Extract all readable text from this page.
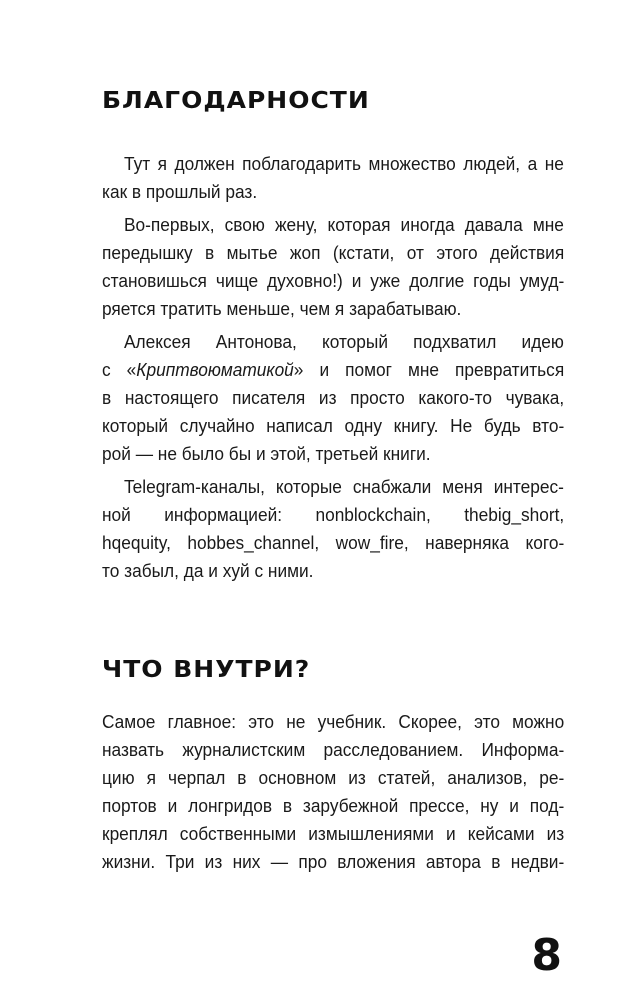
БЛАГОДАРНОСТИ
Тут я должен поблагодарить множество людей, а не
как в прошлый раз.
Во-первых, свою жену, которая иногда давала мне
передышку в мытье жоп (кстати, от этого действия
становишься чище духовно!) и уже долгие годы умуд-
ряется тратить меньше, чем я зарабатываю.
Алексея Антонова, который подхватил идею
с «Криптвоюматикой» и помог мне превратиться
в настоящего писателя из просто какого-то чувака,
который случайно написал одну книгу. Не будь вто-
рой — не было бы и этой, третьей книги.
Telegram-каналы, которые снабжали меня интерес-
ной информацией: nonblockchain, thebig_short,
hqequity, hobbes_channel, wow_fire, наверняка кого-
то забыл, да и хуй с ними.
ЧТО ВНУТРИ?
Самое главное: это не учебник. Скорее, это можно
назвать журналистским расследованием. Информа-
цию я черпал в основном из статей, анализов, ре-
портов и лонгридов в зарубежной прессе, ну и под-
креплял собственными измышлениями и кейсами из
жизни. Три из них — про вложения автора в недви-
8
